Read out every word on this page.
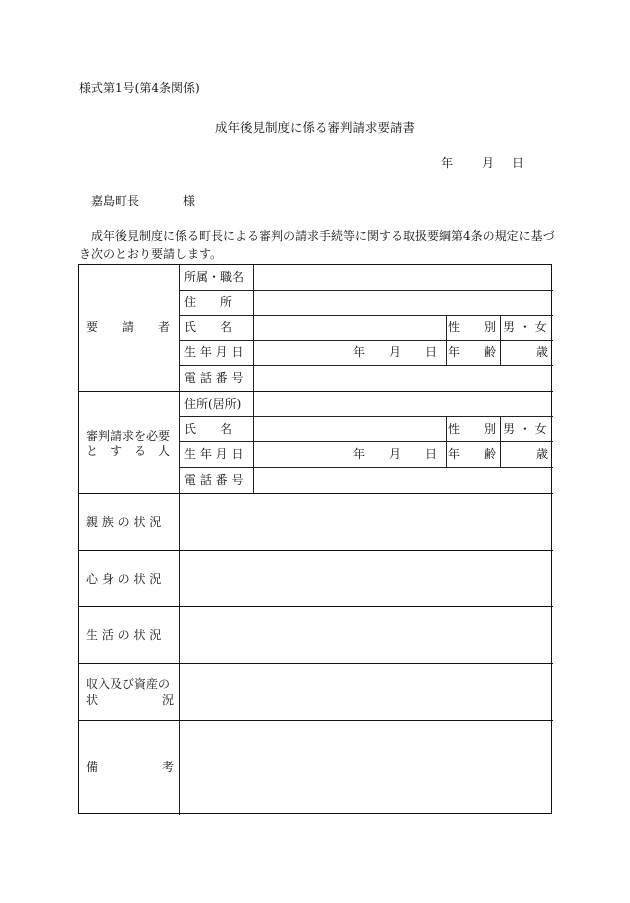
様式第1号(第4条関係)
成年後見制度に係る審判請求要請書
年 月 日
嘉島町長	様
成年後見制度に係る町長による審判の請求手続等に関する取扱要綱第4条の規定に基づ
き次のとおり要請します。
要　　請　　者
所属・職名
住　　所
氏　　名	性　　別 男 ・ 女
生 年 月 日	年 月 日 年　　齢	歳
電 話 番 号
審判請求を必要
と　す　る　人
住所(居所)
氏　　名	性　　別 男 ・ 女
生 年 月 日	年 月 日 年　　齢	歳
電 話 番 号
親 族 の 状 況
心 身 の 状 況
生 活 の 状 況
収入及び資産の
状	況
備	考
